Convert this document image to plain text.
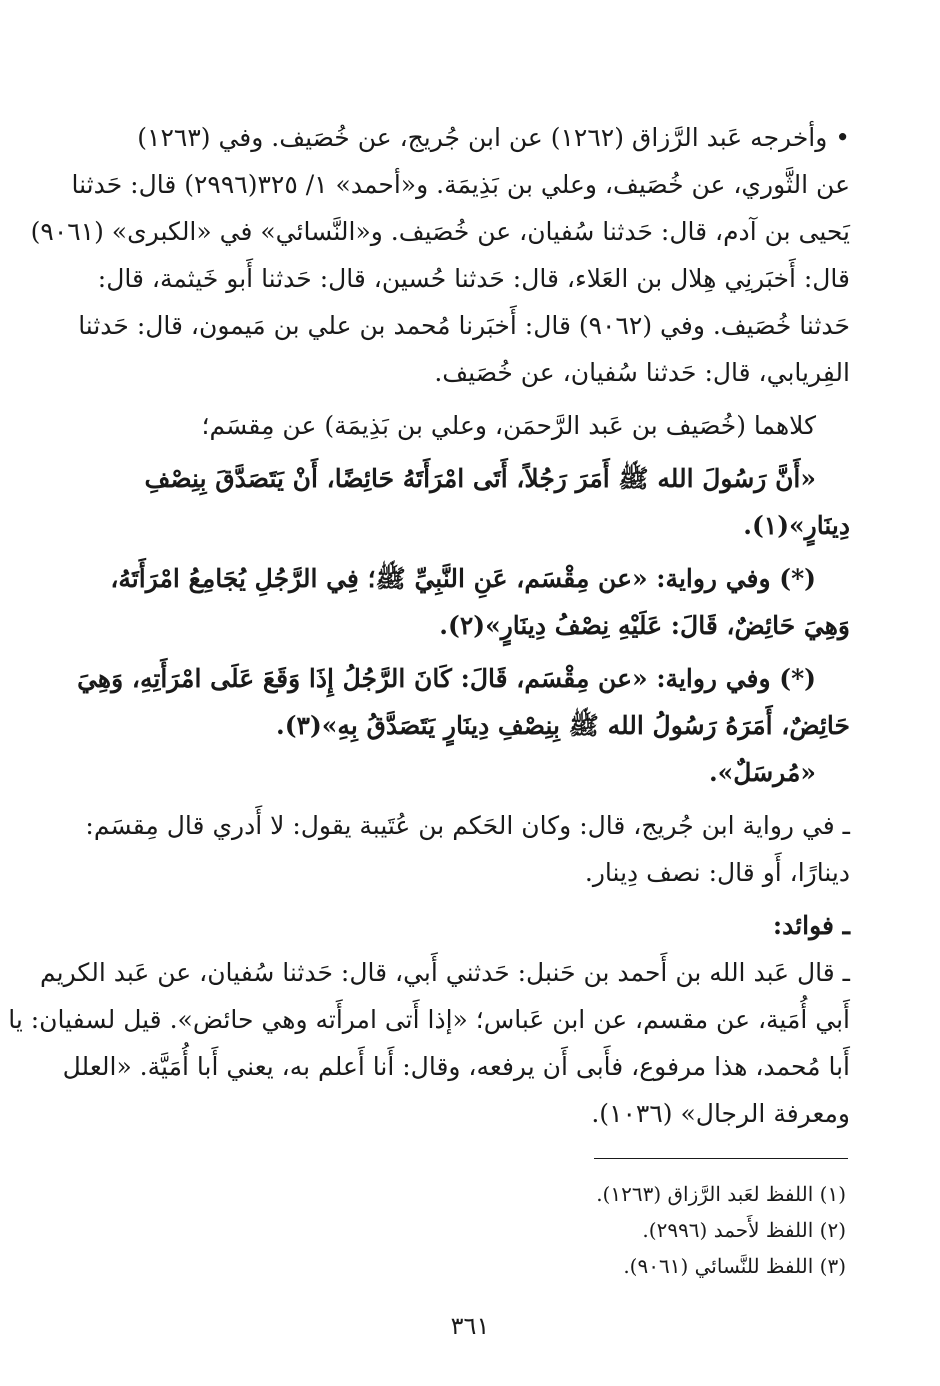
• وأخرجه عَبد الرَّزاق (١٢٦٢) عن ابن جُريج، عن خُصَيف. وفي (١٢٦٣)
عن الثَّوري، عن خُصَيف، وعلي بن بَذِيمَة. و«أحمد» ١/ ٣٢٥(٢٩٩٦) قال: حَدثنا
يَحيى بن آدم، قال: حَدثنا سُفيان، عن خُصَيف. و«النَّسائي» في «الكبرى» (٩٠٦١)
قال: أَخبَرنِي هِلال بن العَلاء، قال: حَدثنا حُسين، قال: حَدثنا أَبو خَيثمة، قال:
حَدثنا خُصَيف. وفي (٩٠٦٢) قال: أَخبَرنا مُحمد بن علي بن مَيمون، قال: حَدثنا
الفِريابي، قال: حَدثنا سُفيان، عن خُصَيف.
كلاهما (خُصَيف بن عَبد الرَّحمَن، وعلي بن بَذِيمَة) عن مِقسَم؛
«أَنَّ رَسُولَ الله ﷺ أَمَرَ رَجُلاً، أَتَى امْرَأَتَهُ حَائِضًا، أَنْ يَتَصَدَّقَ بِنِصْفِ
دِينَارٍ»(١).
(*) وفي رواية: «عن مِقْسَم، عَنِ النَّبِيِّ ﷺ؛ فِي الرَّجُلِ يُجَامِعُ امْرَأَتَهُ،
وَهِيَ حَائِضٌ، قَالَ: عَلَيْهِ نِصْفُ دِينَارٍ»(٢).
(*) وفي رواية: «عن مِقْسَم، قَالَ: كَانَ الرَّجُلُ إِذَا وَقَعَ عَلَى امْرَأَتِهِ، وَهِيَ
حَائِضٌ، أَمَرَهُ رَسُولُ الله ﷺ بِنِصْفِ دِينَارٍ يَتَصَدَّقُ بِهِ»(٣).
«مُرسَلٌ».
ـ في رواية ابن جُريج، قال: وكان الحَكم بن عُتَيبة يقول: لا أَدري قال مِقسَم:
دينارًا، أَو قال: نصف دِينار.
ـ فوائد:
ـ قال عَبد الله بن أَحمد بن حَنبل: حَدثني أَبي، قال: حَدثنا سُفيان، عن عَبد الكريم
أَبي أُمَية، عن مقسم، عن ابن عَباس؛ «إذا أَتى امرأَته وهي حائض». قيل لسفيان: يا
أَبا مُحمد، هذا مرفوع، فأَبى أَن يرفعه، وقال: أَنا أَعلم به، يعني أَبا أُمَيَّة. «العلل
ومعرفة الرجال» (١٠٣٦).
(١) اللفظ لعَبد الرَّزاق (١٢٦٣).
(٢) اللفظ لأَحمد (٢٩٩٦).
(٣) اللفظ للنَّسائي (٩٠٦١).
٣٦١
